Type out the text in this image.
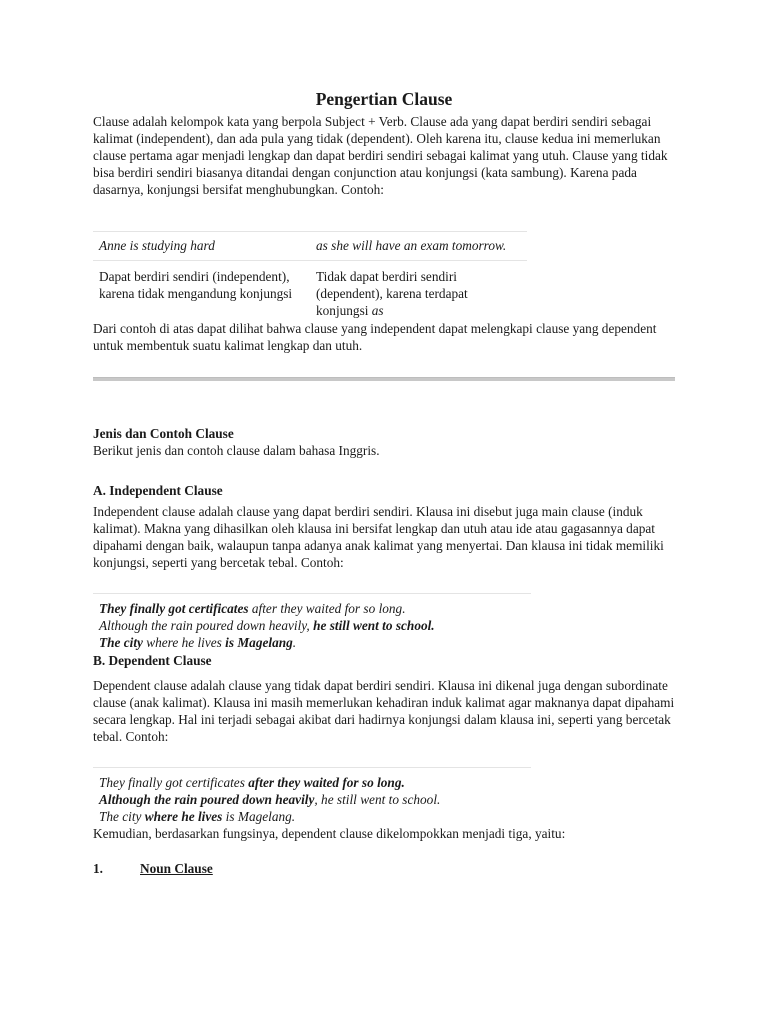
Pengertian Clause

Clause adalah kelompok kata yang berpola Subject + Verb. Clause ada yang dapat berdiri sendiri sebagai kalimat (independent), dan ada pula yang tidak (dependent). Oleh karena itu, clause kedua ini memerlukan clause pertama agar menjadi lengkap dan dapat berdiri sendiri sebagai kalimat yang utuh. Clause yang tidak bisa berdiri sendiri biasanya ditandai dengan conjunction atau konjungsi (kata sambung). Karena pada dasarnya, konjungsi bersifat menghubungkan. Contoh:

Anne is studying hard	as she will have an exam tomorrow.
Dapat berdiri sendiri (independent), karena tidak mengandung konjungsi	Tidak dapat berdiri sendiri (dependent), karena terdapat konjungsi as

Dari contoh di atas dapat dilihat bahwa clause yang independent dapat melengkapi clause yang dependent untuk membentuk suatu kalimat lengkap dan utuh.

Jenis dan Contoh Clause

Berikut jenis dan contoh clause dalam bahasa Inggris.

A. Independent Clause

Independent clause adalah clause yang dapat berdiri sendiri. Klausa ini disebut juga main clause (induk kalimat). Makna yang dihasilkan oleh klausa ini bersifat lengkap dan utuh atau ide atau gagasannya dapat dipahami dengan baik, walaupun tanpa adanya anak kalimat yang menyertai. Dan klausa ini tidak memiliki konjungsi, seperti yang bercetak tebal. Contoh:

They finally got certificates after they waited for so long.
Although the rain poured down heavily, he still went to school.
The city where he lives is Magelang.

B. Dependent Clause

Dependent clause adalah clause yang tidak dapat berdiri sendiri. Klausa ini dikenal juga dengan subordinate clause (anak kalimat). Klausa ini masih memerlukan kehadiran induk kalimat agar maknanya dapat dipahami secara lengkap. Hal ini terjadi sebagai akibat dari hadirnya konjungsi dalam klausa ini, seperti yang bercetak tebal. Contoh:

They finally got certificates after they waited for so long.
Although the rain poured down heavily, he still went to school.
The city where he lives is Magelang.

Kemudian, berdasarkan fungsinya, dependent clause dikelompokkan menjadi tiga, yaitu:

1.	Noun Clause
